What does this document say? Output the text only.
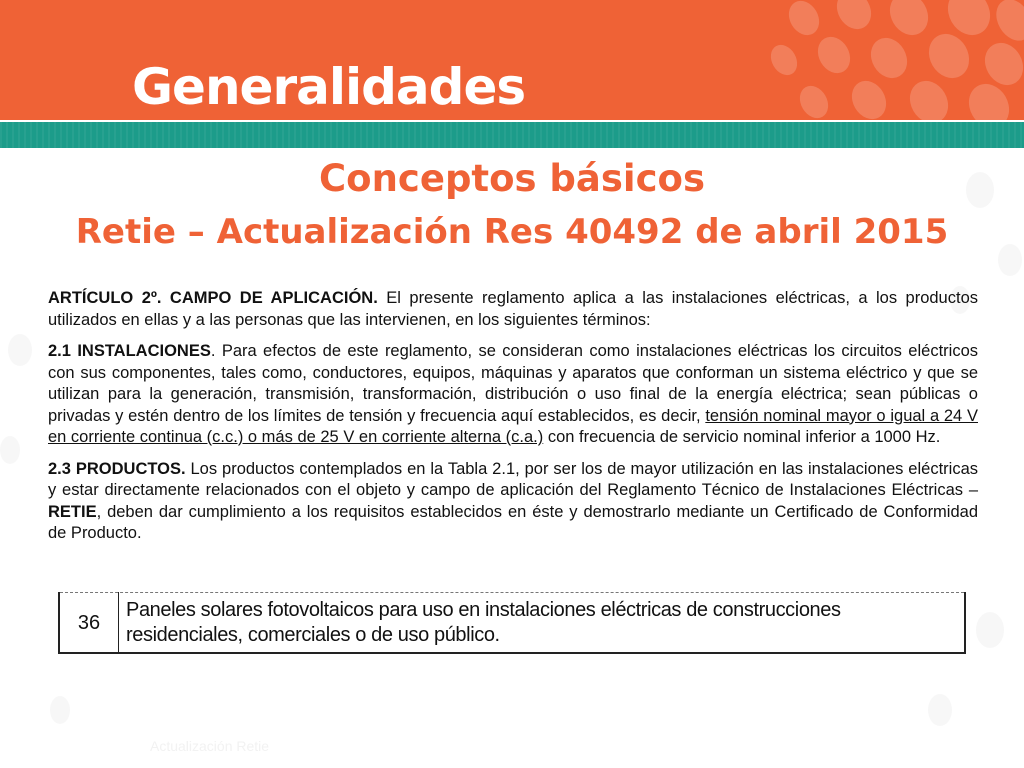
Generalidades
Conceptos básicos
Retie – Actualización Res 40492 de abril 2015

ARTÍCULO 2º. CAMPO DE APLICACIÓN. El presente reglamento aplica a las instalaciones eléctricas, a los productos utilizados en ellas y a las personas que las intervienen, en los siguientes términos:

2.1 INSTALACIONES. Para efectos de este reglamento, se consideran como instalaciones eléctricas los circuitos eléctricos con sus componentes, tales como, conductores, equipos, máquinas y aparatos que conforman un sistema eléctrico y que se utilizan para la generación, transmisión, transformación, distribución o uso final de la energía eléctrica; sean públicas o privadas y estén dentro de los límites de tensión y frecuencia aquí establecidos, es decir, tensión nominal mayor o igual a 24 V en corriente continua (c.c.) o más de 25 V en corriente alterna (c.a.) con frecuencia de servicio nominal inferior a 1000 Hz.

2.3 PRODUCTOS. Los productos contemplados en la Tabla 2.1, por ser los de mayor utilización en las instalaciones eléctricas y estar directamente relacionados con el objeto y campo de aplicación del Reglamento Técnico de Instalaciones Eléctricas – RETIE, deben dar cumplimiento a los requisitos establecidos en éste y demostrarlo mediante un Certificado de Conformidad de Producto.

36
Paneles solares fotovoltaicos para uso en instalaciones eléctricas de construcciones residenciales, comerciales o de uso público.
Actualización Retie
